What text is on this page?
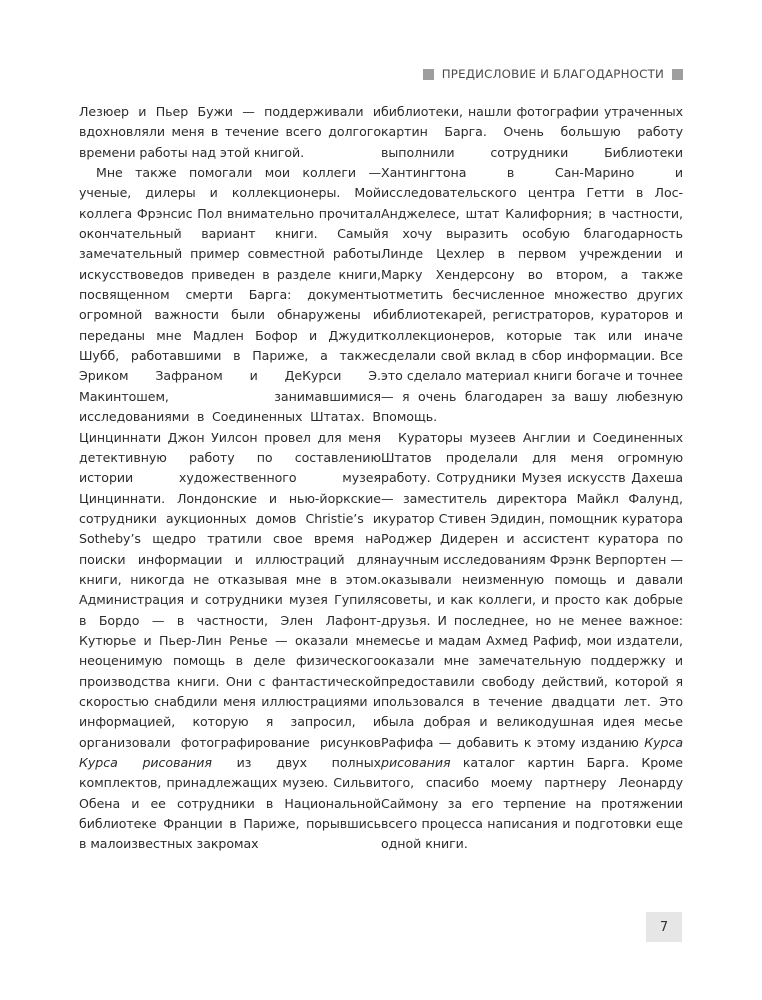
ПРЕДИСЛОВИЕ И БЛАГОДАРНОСТИ

Лезюер и Пьер Бужи — поддерживали и вдохновляли меня в течение всего долгого времени работы над этой книгой.

Мне также помогали мои коллеги — ученые, дилеры и коллекционеры. Мой коллега Фрэнсис Пол внимательно прочитал окончательный вариант книги. Самый замечательный пример совместной работы искусствоведов приведен в разделе книги, посвященном смерти Барга: документы огромной важности были обнаружены и переданы мне Мадлен Бофор и Джудит Шубб, работавшими в Париже, а также Эриком Зафраном и ДеКурси Э. Макинтошем, занимавшимися исследованиями в Соединенных Штатах. В Цинциннати Джон Уилсон провел для меня детективную работу по составлению истории художественного музея Цинциннати. Лондонские и нью-йоркские сотрудники аукционных домов Christie’s и Sotheby’s щедро тратили свое время на поиски информации и иллюстраций для книги, никогда не отказывая мне в этом. Администрация и сотрудники музея Гупиля в Бордо — в частности, Элен Лафонт-Кутюрье и Пьер-Лин Ренье — оказали мне неоценимую помощь в деле физического производства книги. Они с фантастической скоростью снабдили меня иллюстрациями и информацией, которую я запросил, и организовали фотографирование рисунков Курса рисования из двух полных комплектов, принадлежащих музею. Сильви Обена и ее сотрудники в Национальной библиотеке Франции в Париже, порывшись в малоизвестных закромах

библиотеки, нашли фотографии утраченных картин Барга. Очень большую работу выполнили сотрудники Библиотеки Хантингтона в Сан-Марино и исследовательского центра Гетти в Лос-Анджелесе, штат Калифорния; в частности, я хочу выразить особую благодарность Линде Цехлер в первом учреждении и Марку Хендерсону во втором, а также отметить бесчисленное множество других библиотекарей, регистраторов, кураторов и коллекционеров, которые так или иначе сделали свой вклад в сбор информации. Все это сделало материал книги богаче и точнее — я очень благодарен за вашу любезную помощь.

Кураторы музеев Англии и Соединенных Штатов проделали для меня огромную работу. Сотрудники Музея искусств Дахеша — заместитель директора Майкл Фалунд, куратор Стивен Эдидин, помощник куратора Роджер Дидерен и ассистент куратора по научным исследованиям Фрэнк Верпортен — оказывали неизменную помощь и давали советы, и как коллеги, и просто как добрые друзья. И последнее, но не менее важное: месье и мадам Ахмед Рафиф, мои издатели, оказали мне замечательную поддержку и предоставили свободу действий, которой я пользовался в течение двадцати лет. Это была добрая и великодушная идея месье Рафифа — добавить к этому изданию Курса рисования каталог картин Барга. Кроме того, спасибо моему партнеру Леонарду Саймону за его терпение на протяжении всего процесса написания и подготовки еще одной книги.

7
